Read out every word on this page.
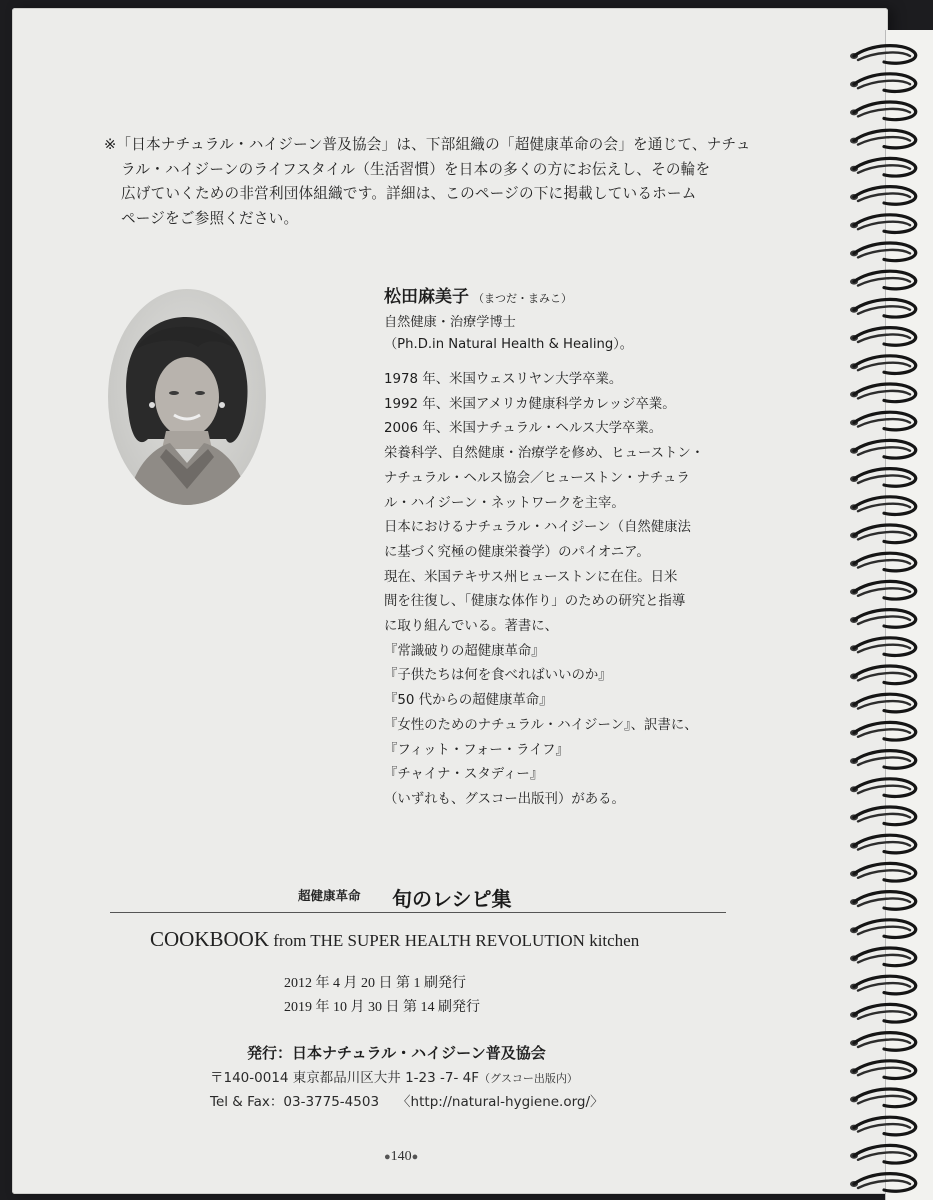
※「日本ナチュラル・ハイジーン普及協会」は、下部組織の「超健康革命の会」を通じて、ナチュ
ラル・ハイジーンのライフスタイル（生活習慣）を日本の多くの方にお伝えし、その輪を
広げていくための非営利団体組織です。詳細は、このページの下に掲載しているホーム
ページをご参照ください。
松田麻美子 （まつだ・まみこ）
自然健康・治療学博士
（Ph.D.in Natural Health & Healing）。
1978 年、米国ウェスリヤン大学卒業。
1992 年、米国アメリカ健康科学カレッジ卒業。
2006 年、米国ナチュラル・ヘルス大学卒業。
栄養科学、自然健康・治療学を修め、ヒューストン・
ナチュラル・ヘルス協会／ヒューストン・ナチュラ
ル・ハイジーン・ネットワークを主宰。
日本におけるナチュラル・ハイジーン（自然健康法
に基づく究極の健康栄養学）のパイオニア。
現在、米国テキサス州ヒューストンに在住。日米
間を往復し、「健康な体作り」のための研究と指導
に取り組んでいる。著書に、
『常識破りの超健康革命』
『子供たちは何を食べればいいのか』
『50 代からの超健康革命』
『女性のためのナチュラル・ハイジーン』、訳書に、
『フィット・フォー・ライフ』
『チャイナ・スタディー』
（いずれも、グスコー出版刊）がある。
超健康革命 旬のレシピ集
COOKBOOK from THE SUPER HEALTH REVOLUTION kitchen
2012 年 4 月 20 日 第 1 刷発行
2019 年 10 月 30 日 第 14 刷発行
発行：日本ナチュラル・ハイジーン普及協会
〒140-0014 東京都品川区大井 1-23 -7- 4F（グスコー出版内）
Tel & Fax：03-3775-4503 〈http://natural-hygiene.org/〉
●140●
